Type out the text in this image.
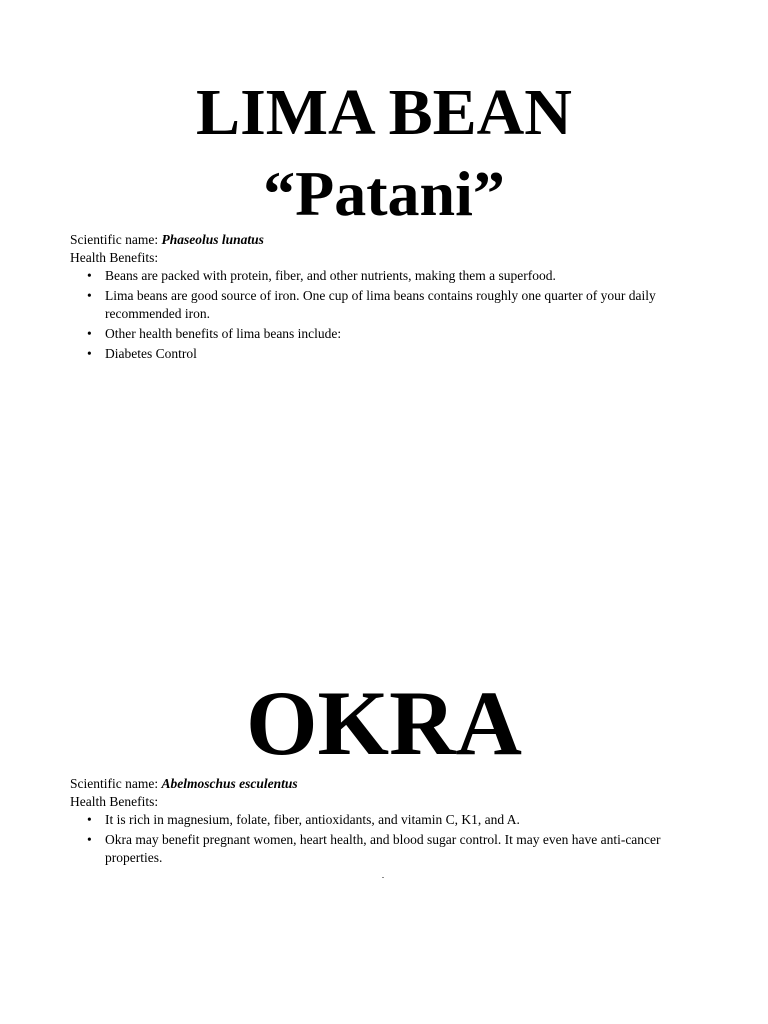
LIMA BEAN
“Patani”

Scientific name: Phaseolus lunatus

Health Benefits:

• Beans are packed with protein, fiber, and other nutrients, making them a superfood.
• Lima beans are good source of iron. One cup of lima beans contains roughly one quarter of your daily recommended iron.
• Other health benefits of lima beans include:
• Diabetes Control
OKRA

Scientific name: Abelmoschus esculentus

Health Benefits:

• It is rich in magnesium, folate, fiber, antioxidants, and vitamin C, K1, and A.
• Okra may benefit pregnant women, heart health, and blood sugar control. It may even have anti-cancer properties.
